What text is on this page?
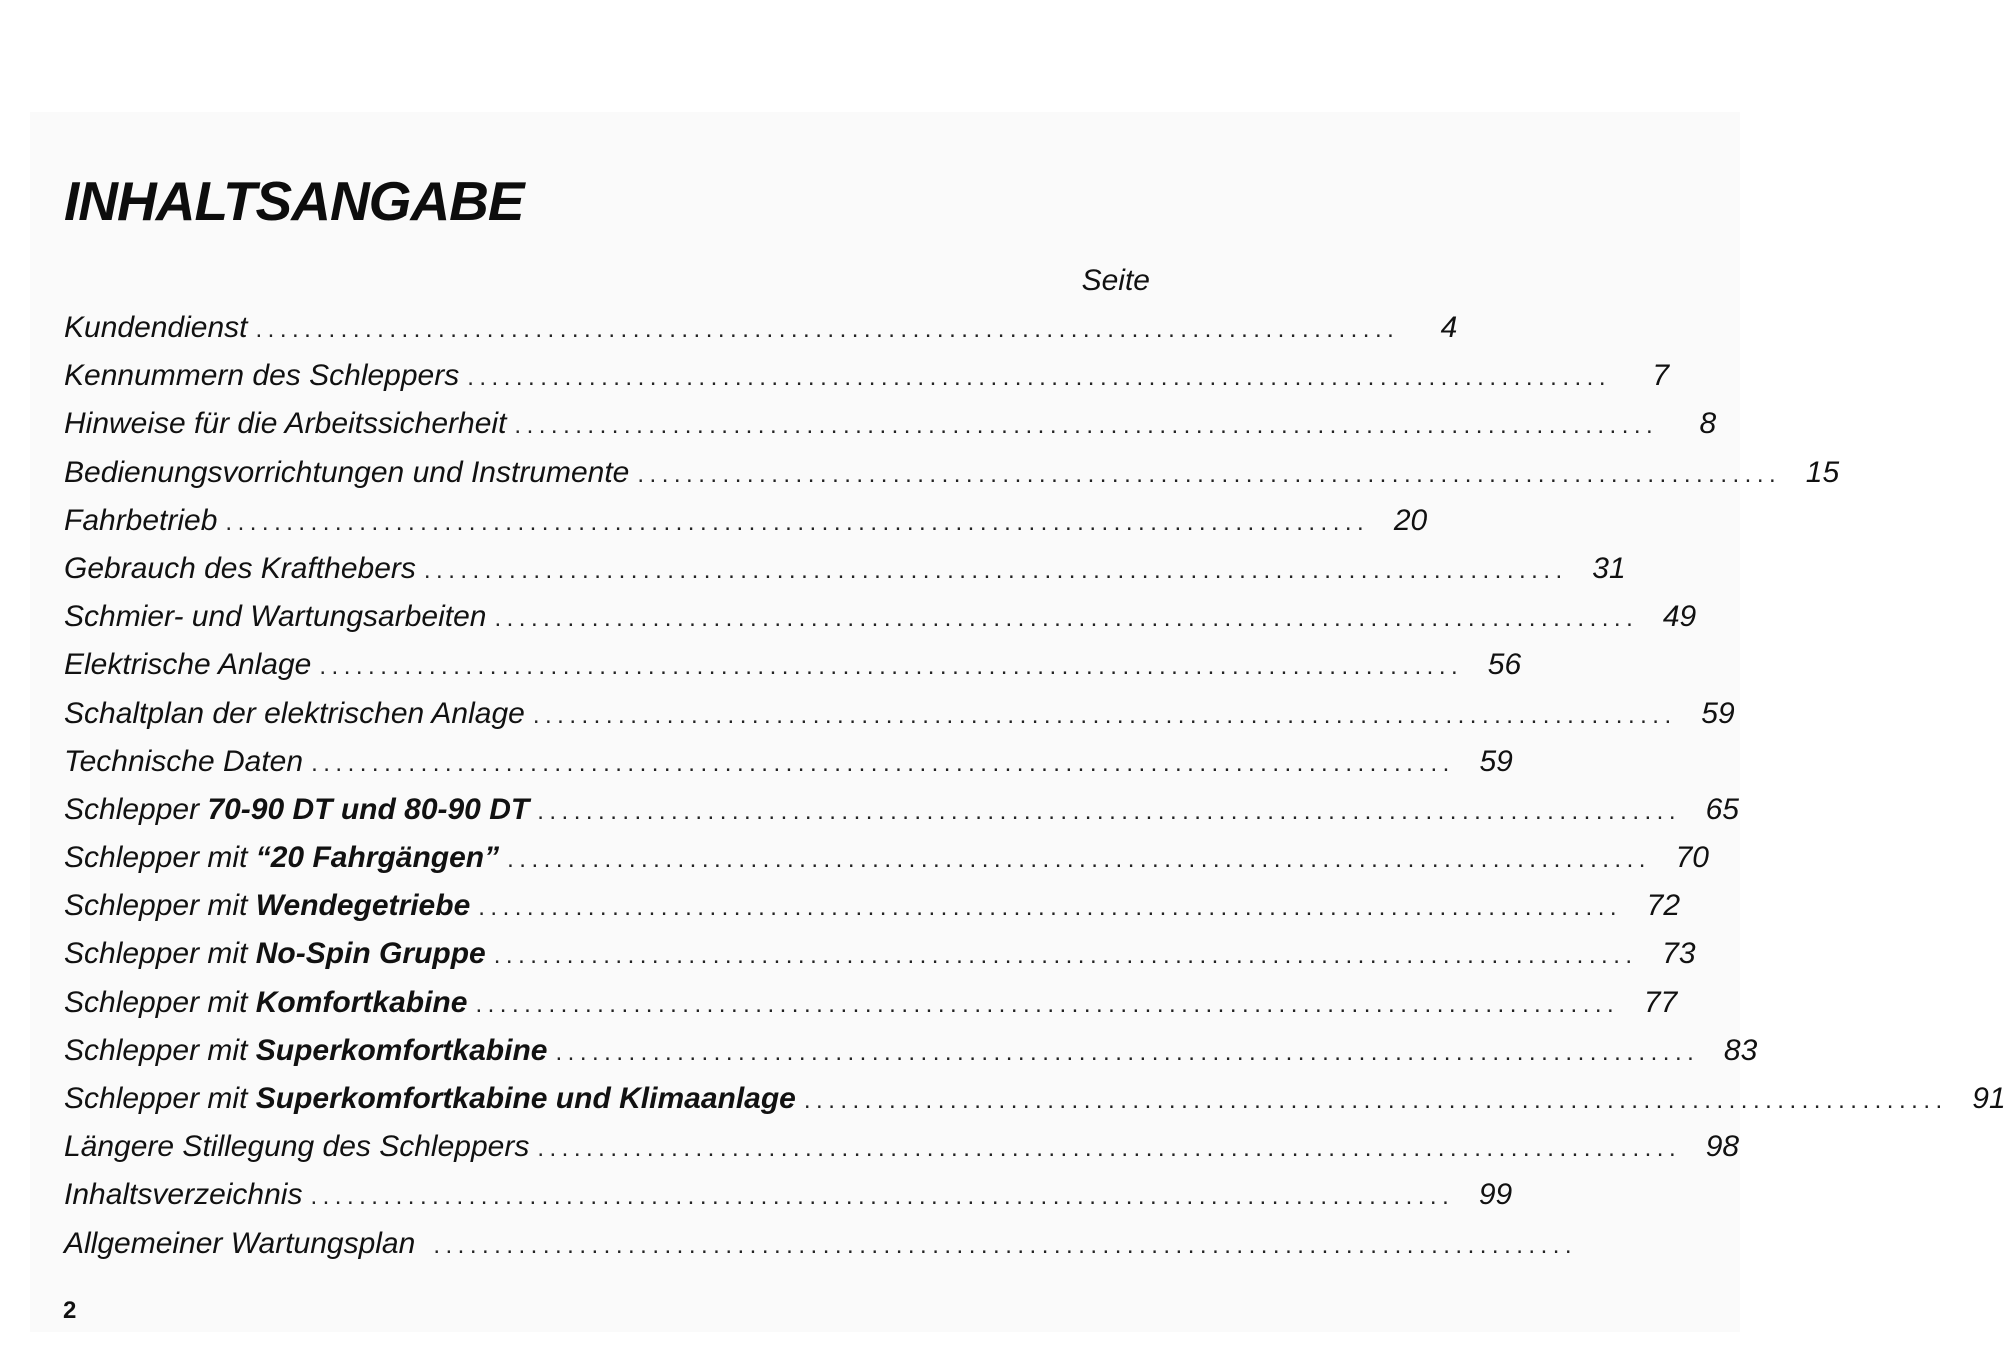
INHALTSANGABE
Seite
Kundendienst ..............................................................................................	4
Kennummern des Schleppers ..............................................................................................	7
Hinweise für die Arbeitssicherheit ..............................................................................................	8
Bedienungsvorrichtungen und Instrumente .............................................................................................. 15
Fahrbetrieb .............................................................................................. 20
Gebrauch des Krafthebers .............................................................................................. 31
Schmier- und Wartungsarbeiten .............................................................................................. 49
Elektrische Anlage .............................................................................................. 56
Schaltplan der elektrischen Anlage .............................................................................................. 59
Technische Daten .............................................................................................. 59
Schlepper 70-90 DT und 80-90 DT .............................................................................................. 65
Schlepper mit “20 Fahrgängen” .............................................................................................. 70
Schlepper mit Wendegetriebe .............................................................................................. 72
Schlepper mit No-Spin Gruppe .............................................................................................. 73
Schlepper mit Komfortkabine .............................................................................................. 77
Schlepper mit Superkomfortkabine .............................................................................................. 83
Schlepper mit Superkomfortkabine und Klimaanlage .............................................................................................. 91
Längere Stillegung des Schleppers .............................................................................................. 98
Inhaltsverzeichnis .............................................................................................. 99
Allgemeiner Wartungsplan ..............................................................................................
2
